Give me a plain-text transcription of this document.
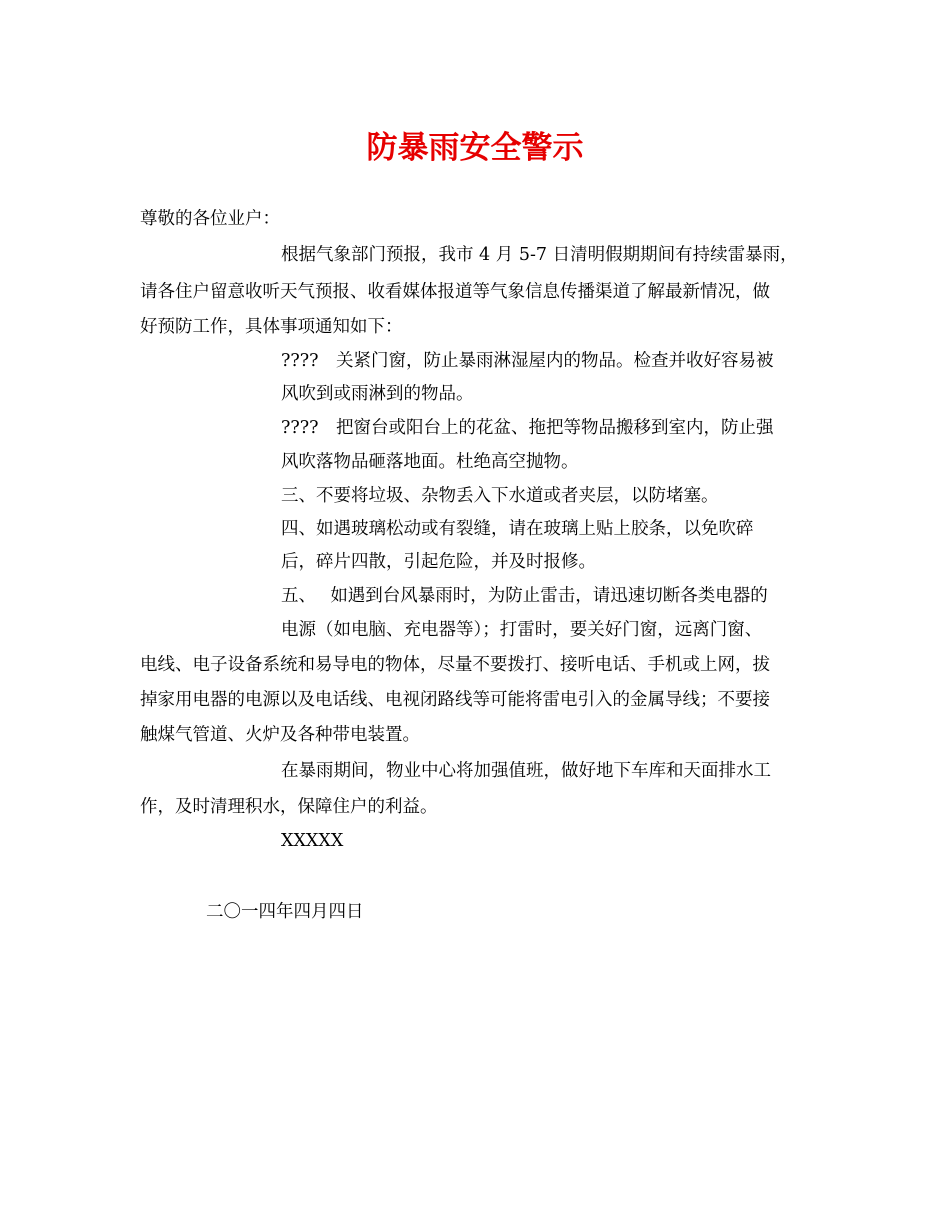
防暴雨安全警示

尊敬的各位业户：

根据气象部门预报，我市 4 月 5-7 日清明假期期间有持续雷暴雨，

请各住户留意收听天气预报、收看媒体报道等气象信息传播渠道了解最新情况，做

好预防工作，具体事项通知如下：

????　关紧门窗，防止暴雨淋湿屋内的物品。检查并收好容易被

风吹到或雨淋到的物品。

????　把窗台或阳台上的花盆、拖把等物品搬移到室内，防止强

风吹落物品砸落地面。杜绝高空抛物。

三、不要将垃圾、杂物丢入下水道或者夹层，以防堵塞。

四、如遇玻璃松动或有裂缝，请在玻璃上贴上胶条，以免吹碎

后，碎片四散，引起危险，并及时报修。

五、　 如遇到台风暴雨时，为防止雷击，请迅速切断各类电器的

电源（如电脑、充电器等）；打雷时，要关好门窗，远离门窗、

电线、电子设备系统和易导电的物体，尽量不要拨打、接听电话、手机或上网，拔

掉家用电器的电源以及电话线、电视闭路线等可能将雷电引入的金属导线；不要接

触煤气管道、火炉及各种带电装置。

在暴雨期间，物业中心将加强值班，做好地下车库和天面排水工

作，及时清理积水，保障住户的利益。

XXXXX

二〇一四年四月四日
